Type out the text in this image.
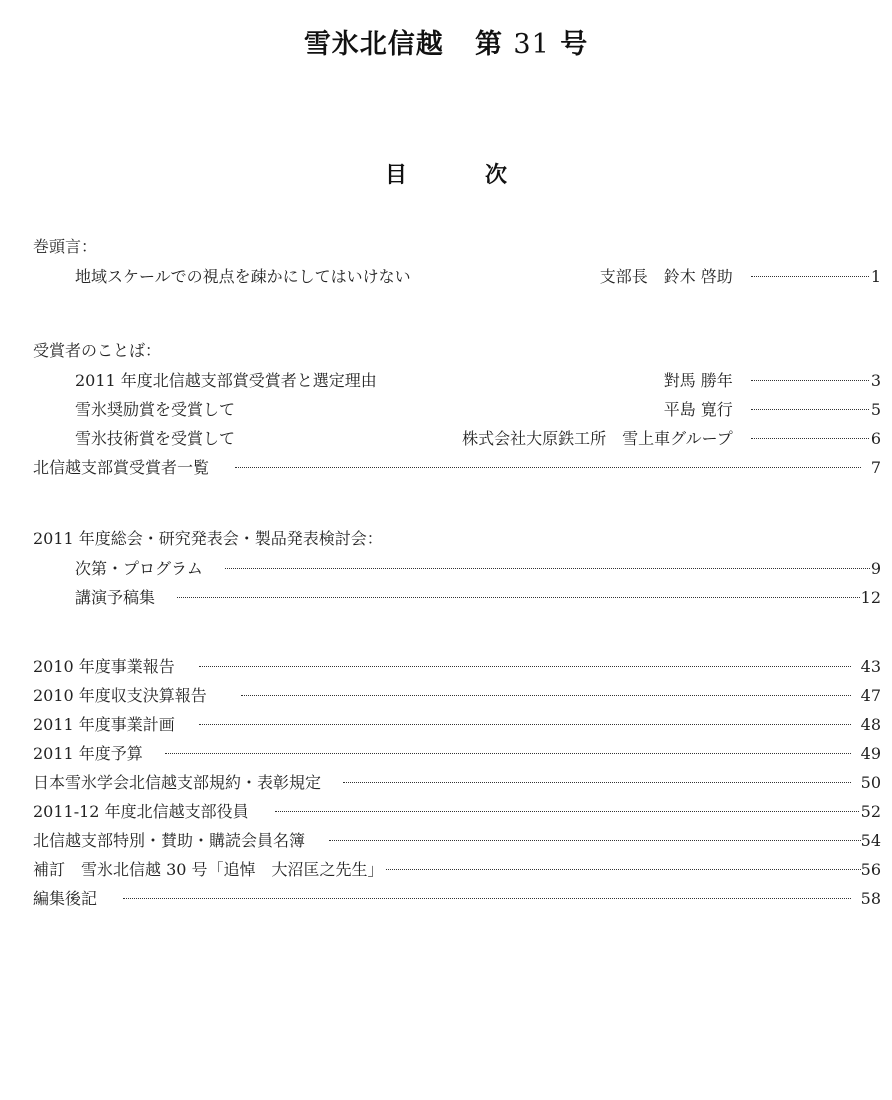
雪氷北信越 第 31 号
目	次
巻頭言：
地域スケールでの視点を疎かにしてはいけない	支部長　鈴木 啓助	1
受賞者のことば：
2011 年度北信越支部賞受賞者と選定理由	對馬 勝年	3
雪氷奨励賞を受賞して	平島 寛行	5
雪氷技術賞を受賞して	株式会社大原鉄工所　雪上車グループ	6
北信越支部賞受賞者一覧	7
2011 年度総会・研究発表会・製品発表検討会：
次第・プログラム	9
講演予稿集	12
2010 年度事業報告	43
2010 年度収支決算報告	47
2011 年度事業計画	48
2011 年度予算	49
日本雪氷学会北信越支部規約・表彰規定	50
2011-12 年度北信越支部役員	52
北信越支部特別・賛助・購読会員名簿	54
補訂　雪氷北信越 30 号「追悼　大沼匡之先生」	56
編集後記	58
